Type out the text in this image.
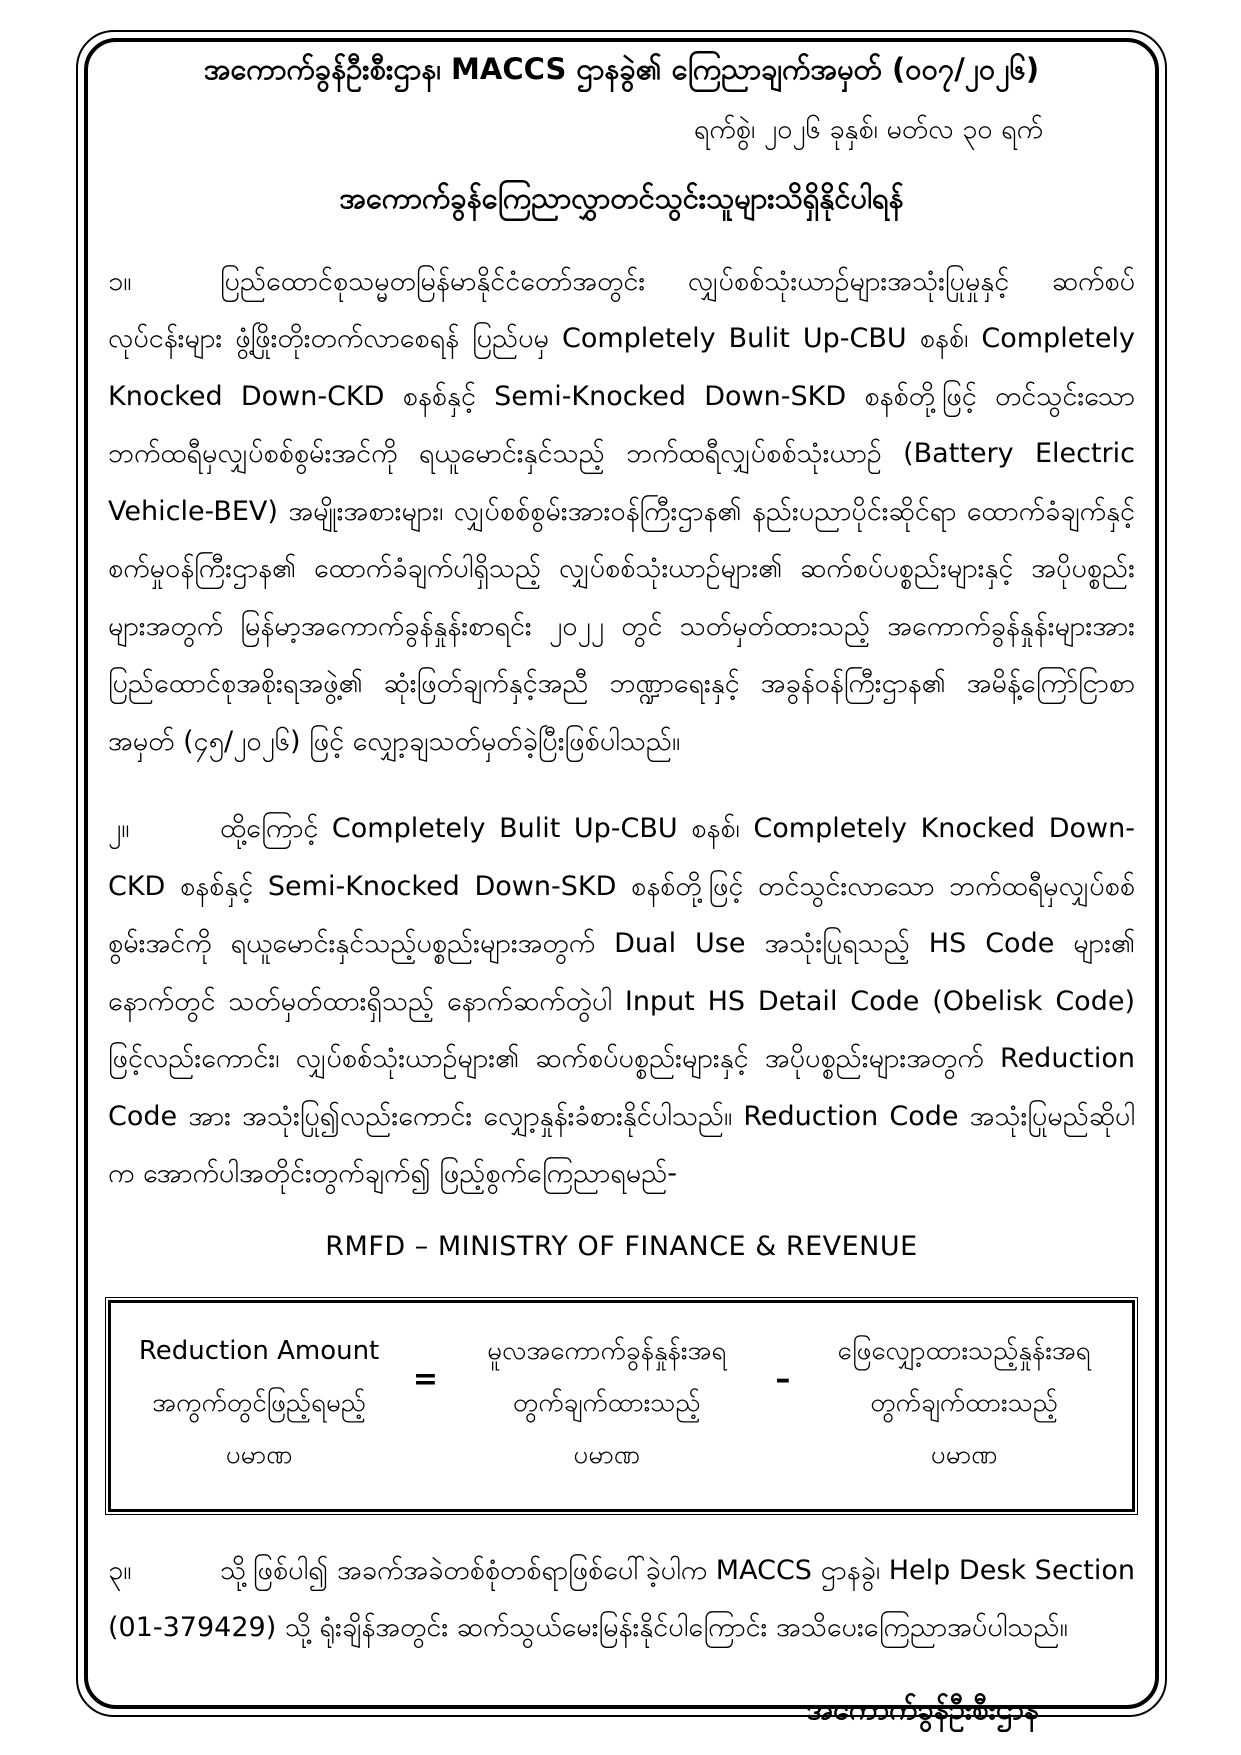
အကောက်ခွန်ဦးစီးဌာန၊ MACCS ဌာနခွဲ၏ ကြေညာချက်အမှတ် (၀၀၇/၂၀၂၆)
ရက်စွဲ၊ ၂၀၂၆ ခုနှစ်၊ မတ်လ ၃၀ ရက်
အကောက်ခွန်ကြေညာလွှာတင်သွင်းသူများသိရှိနိုင်ပါရန်

၁။	ပြည်ထောင်စုသမ္မတမြန်မာနိုင်ငံတော်အတွင်း လျှပ်စစ်သုံးယာဉ်များအသုံးပြုမှုနှင့် ဆက်စပ် လုပ်ငန်းများ ဖွံ့ဖြိုးတိုးတက်လာစေရန် ပြည်ပမှ Completely Bulit Up-CBU စနစ်၊ Completely Knocked Down-CKD စနစ်နှင့် Semi-Knocked Down-SKD စနစ်တို့ဖြင့် တင်သွင်းသော ဘက်ထရီမှလျှပ်စစ်စွမ်းအင်ကို ရယူမောင်းနှင်သည့် ဘက်ထရီလျှပ်စစ်သုံးယာဉ် (Battery Electric Vehicle-BEV) အမျိုးအစားများ၊ လျှပ်စစ်စွမ်းအားဝန်ကြီးဌာန၏ နည်းပညာပိုင်းဆိုင်ရာ ထောက်ခံချက်နှင့် စက်မှုဝန်ကြီးဌာန၏ ထောက်ခံချက်ပါရှိသည့် လျှပ်စစ်သုံးယာဉ်များ၏ ဆက်စပ်ပစ္စည်းများနှင့် အပိုပစ္စည်းများအတွက် မြန်မာ့အကောက်ခွန်နှုန်းစာရင်း ၂၀၂၂ တွင် သတ်မှတ်ထားသည့် အကောက်ခွန်နှုန်းများအား ပြည်ထောင်စုအစိုးရအဖွဲ့၏ ဆုံးဖြတ်ချက်နှင့်အညီ ဘဏ္ဍာရေးနှင့် အခွန်ဝန်ကြီးဌာန၏ အမိန့်ကြော်ငြာစာအမှတ် (၄၅/၂၀၂၆) ဖြင့် လျှော့ချသတ်မှတ်ခဲ့ပြီးဖြစ်ပါသည်။

၂။	ထို့ကြောင့် Completely Bulit Up-CBU စနစ်၊ Completely Knocked Down-CKD စနစ်နှင့် Semi-Knocked Down-SKD စနစ်တို့ဖြင့် တင်သွင်းလာသော ဘက်ထရီမှလျှပ်စစ် စွမ်းအင်ကို ရယူမောင်းနှင်သည့်ပစ္စည်းများအတွက် Dual Use အသုံးပြုရသည့် HS Code များ၏ နောက်တွင် သတ်မှတ်ထားရှိသည့် နောက်ဆက်တွဲပါ Input HS Detail Code (Obelisk Code) ဖြင့်လည်းကောင်း၊ လျှပ်စစ်သုံးယာဉ်များ၏ ဆက်စပ်ပစ္စည်းများနှင့် အပိုပစ္စည်းများအတွက် Reduction Code အား အသုံးပြု၍လည်းကောင်း လျှော့နှုန်းခံစားနိုင်ပါသည်။ Reduction Code အသုံးပြုမည်ဆိုပါက အောက်ပါအတိုင်းတွက်ချက်၍ ဖြည့်စွက်ကြေညာရမည်-

RMFD – MINISTRY OF FINANCE & REVENUE
Reduction Amount
အကွက်တွင်ဖြည့်ရမည့်
ပမာဏ
=
မူလအကောက်ခွန်နှုန်းအရ
တွက်ချက်ထားသည့်
ပမာဏ
–
ဖြေလျှော့ထားသည့်နှုန်းအရ
တွက်ချက်ထားသည့်
ပမာဏ

၃။	သို့ဖြစ်ပါ၍ အခက်အခဲတစ်စုံတစ်ရာဖြစ်ပေါ်ခဲ့ပါက MACCS ဌာနခွဲ၊ Help Desk Section (01-379429) သို့ ရုံးချိန်အတွင်း ဆက်သွယ်မေးမြန်းနိုင်ပါကြောင်း အသိပေးကြေညာအပ်ပါသည်။

အကောက်ခွန်ဦးစီးဌာန
